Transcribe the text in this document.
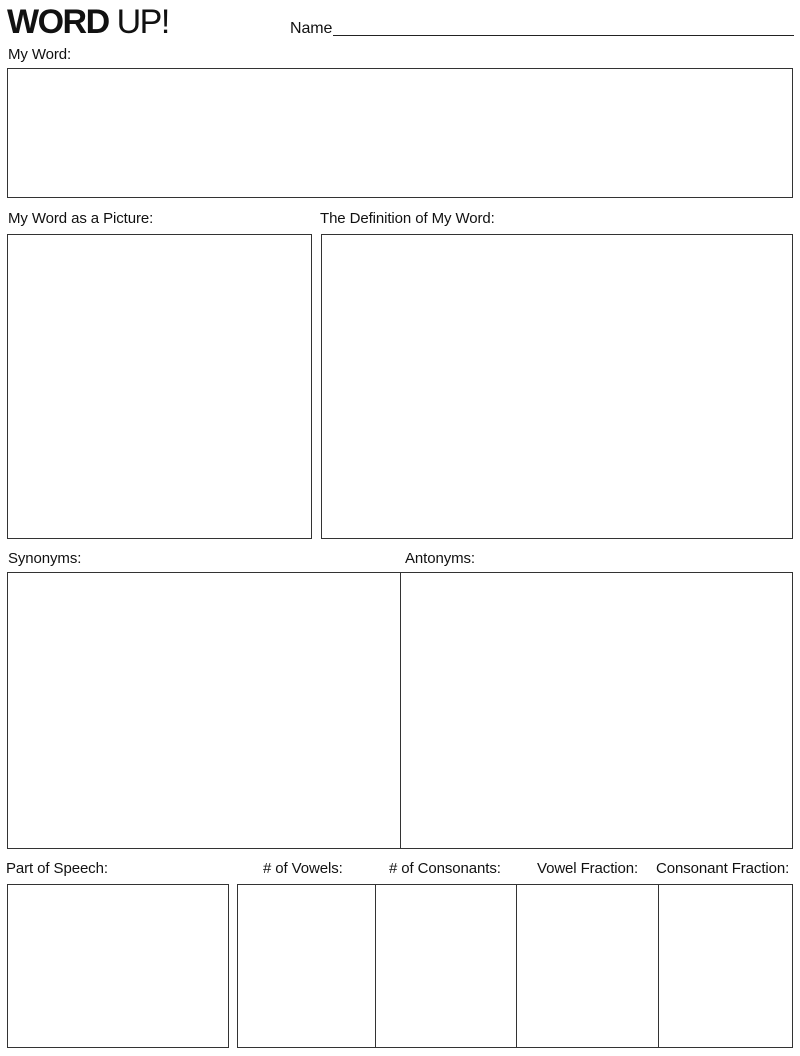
WORD UP!	Name
My Word:
My Word as a Picture:	The Definition of My Word:
Synonyms:	Antonyms:
Part of Speech:	# of Vowels:	# of Consonants: Vowel Fraction: Consonant Fraction:
